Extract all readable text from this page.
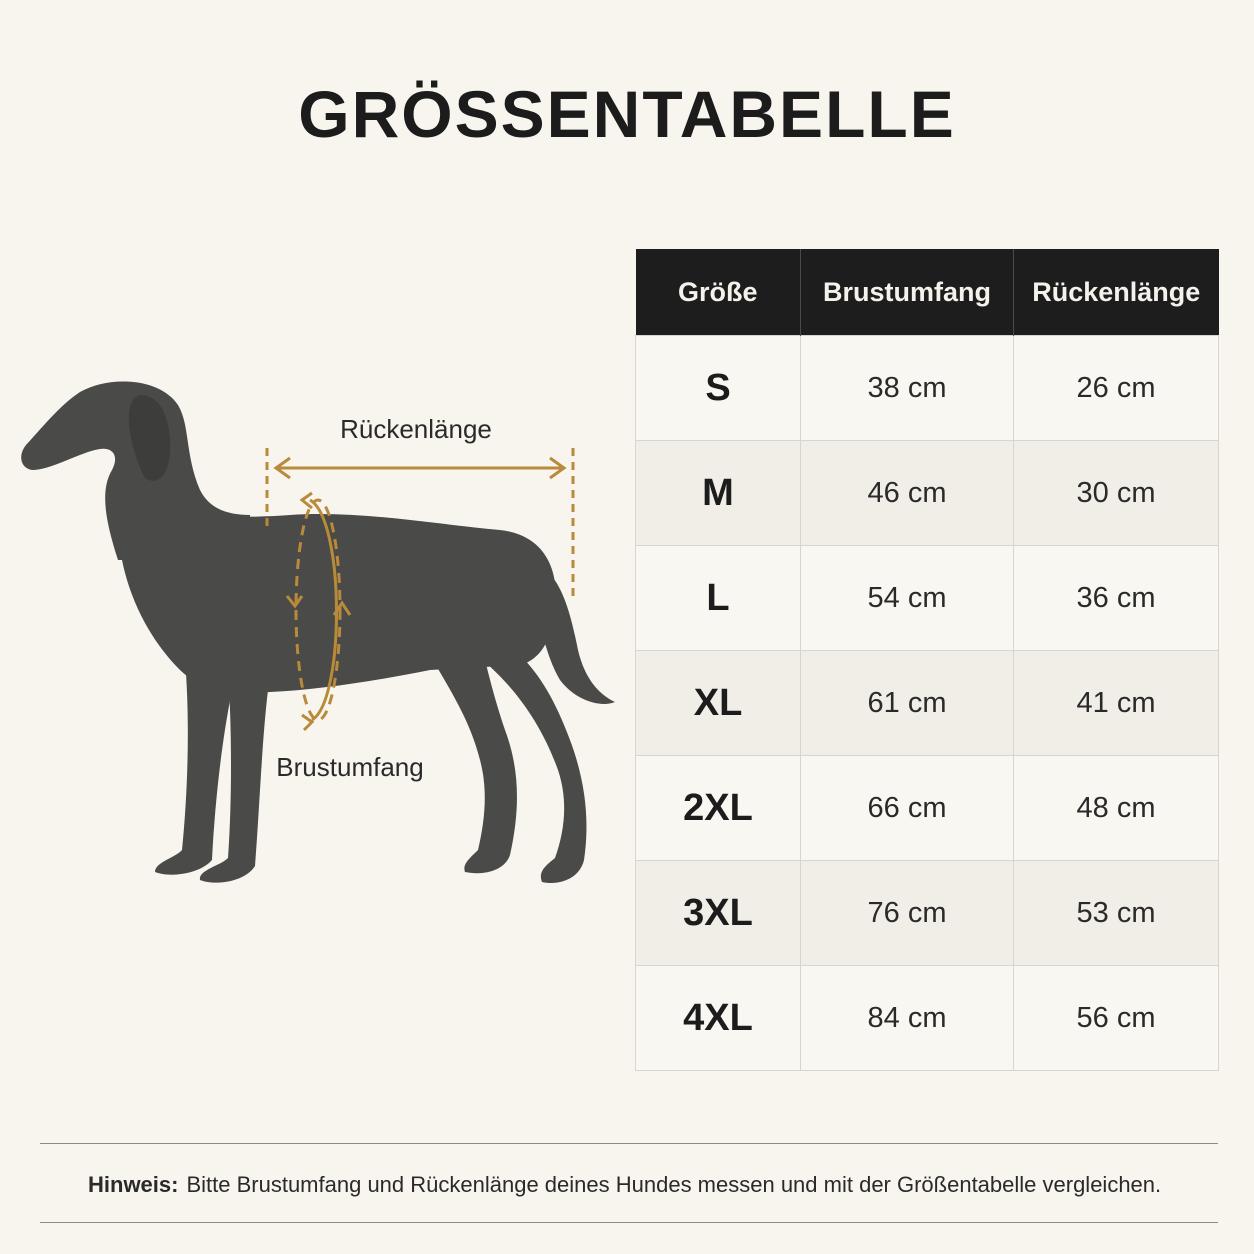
GRÖSSENTABELLE
Rückenlänge
Brustumfang
Größe	Brustumfang	Rückenlänge
S	38 cm	26 cm
M	46 cm	30 cm
L	54 cm	36 cm
XL	61 cm	41 cm
2XL	66 cm	48 cm
3XL	76 cm	53 cm
4XL	84 cm	56 cm
Hinweis: Bitte Brustumfang und Rückenlänge deines Hundes messen und mit der Größentabelle vergleichen.
